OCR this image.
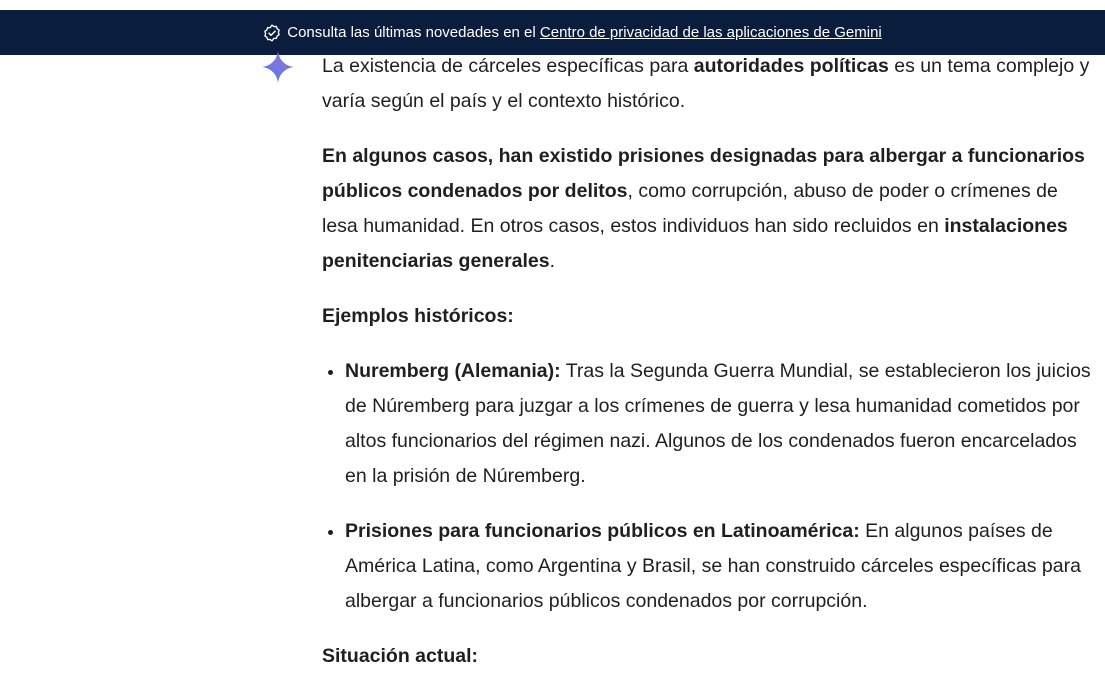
Consulta las últimas novedades en el Centro de privacidad de las aplicaciones de Gemini

La existencia de cárceles específicas para autoridades políticas es un tema complejo y varía según el país y el contexto histórico.

En algunos casos, han existido prisiones designadas para albergar a funcionarios públicos condenados por delitos, como corrupción, abuso de poder o crímenes de lesa humanidad. En otros casos, estos individuos han sido recluidos en instalaciones penitenciarias generales.

Ejemplos históricos:

• Nuremberg (Alemania): Tras la Segunda Guerra Mundial, se establecieron los juicios de Núremberg para juzgar a los crímenes de guerra y lesa humanidad cometidos por altos funcionarios del régimen nazi. Algunos de los condenados fueron encarcelados en la prisión de Núremberg.
• Prisiones para funcionarios públicos en Latinoamérica: En algunos países de América Latina, como Argentina y Brasil, se han construido cárceles específicas para albergar a funcionarios públicos condenados por corrupción.

Situación actual:
